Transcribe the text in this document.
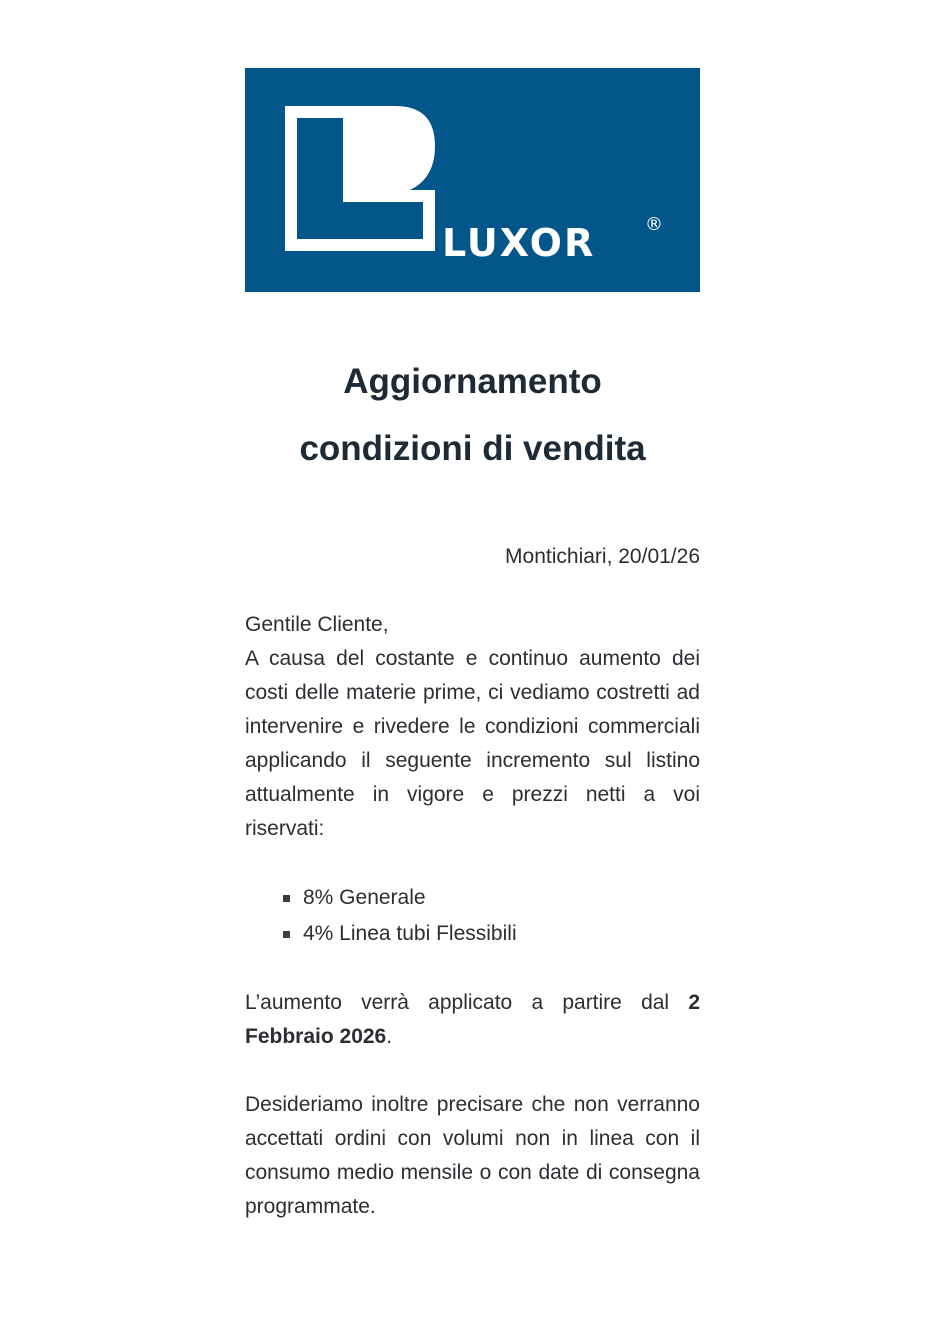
LUXOR	®
Aggiornamento
condizioni di vendita
Montichiari, 20/01/26

Gentile Cliente,

A causa del costante e continuo aumento dei costi delle materie prime, ci vediamo costretti ad intervenire e rivedere le condizioni commerciali applicando il seguente incremento sul listino attualmente in vigore e prezzi netti a voi riservati:

8% Generale
4% Linea tubi Flessibili

L’aumento verrà applicato a partire dal 2 Febbraio 2026.

Desideriamo inoltre precisare che non verranno accettati ordini con volumi non in linea con il consumo medio mensile o con date di consegna programmate.
